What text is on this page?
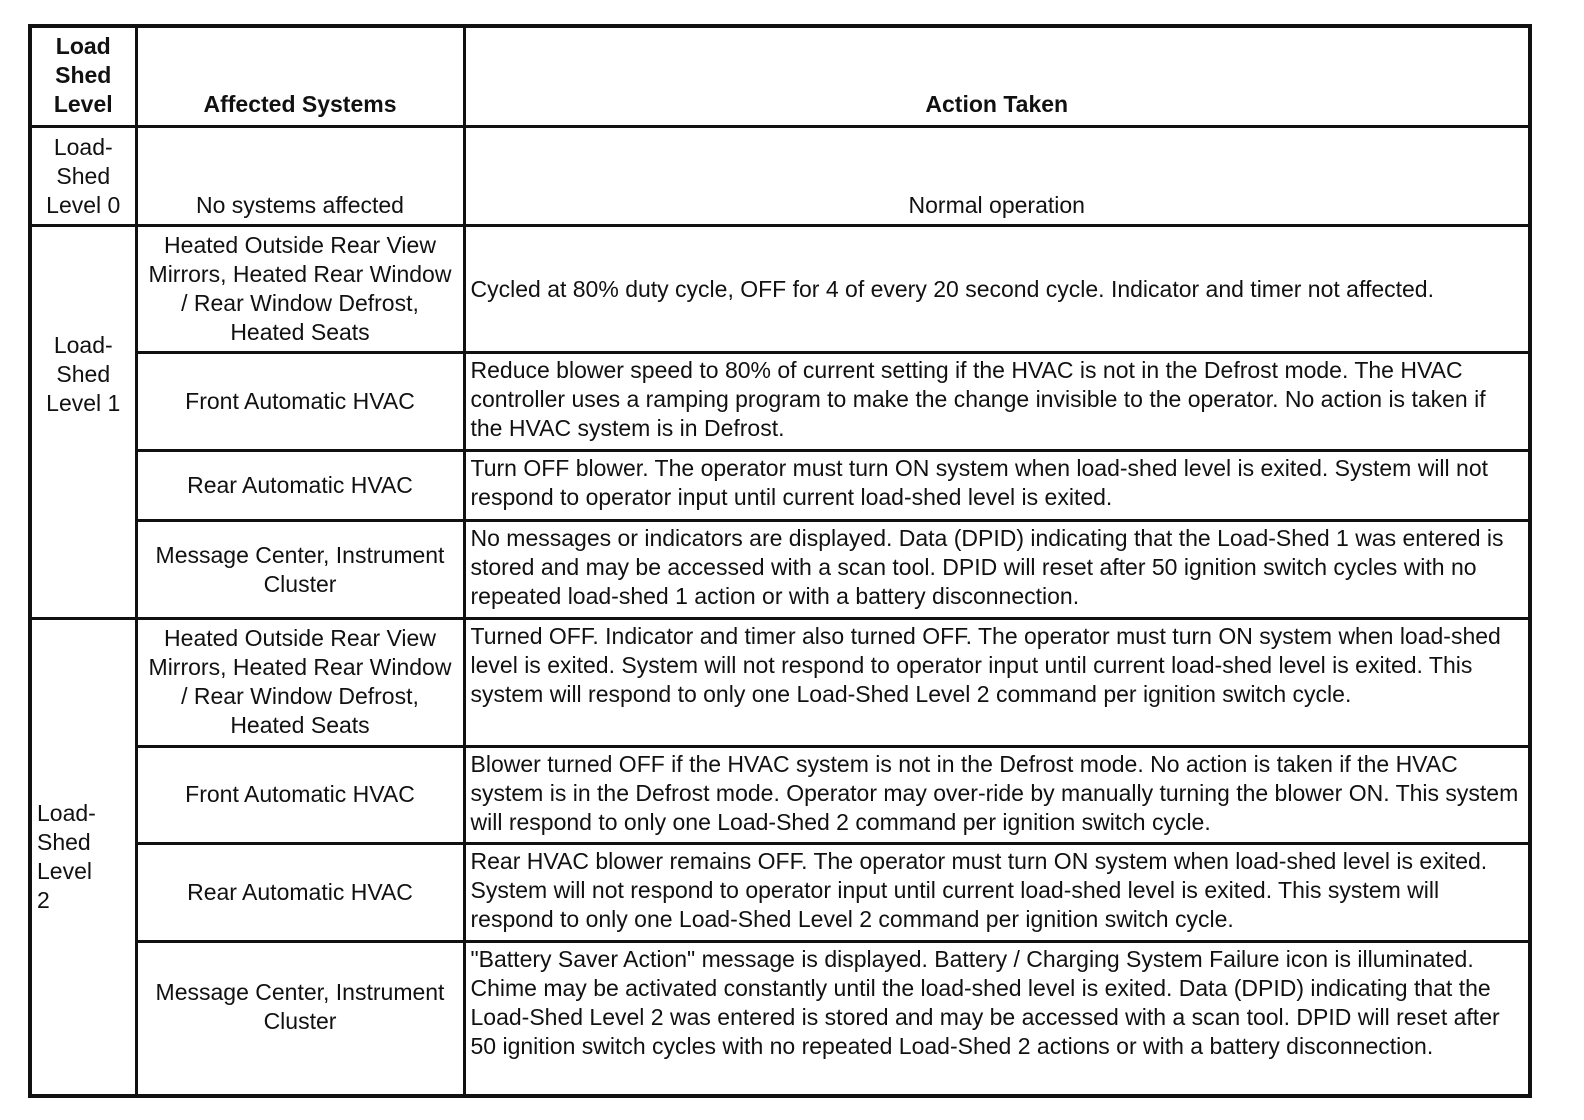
Load Shed Level	Affected Systems	Action Taken
Load-Shed Level 0	No systems affected	Normal operation
Load-Shed Level 1	Heated Outside Rear View Mirrors, Heated Rear Window / Rear Window Defrost, Heated Seats	Cycled at 80% duty cycle, OFF for 4 of every 20 second cycle. Indicator and timer not affected.
	Front Automatic HVAC	Reduce blower speed to 80% of current setting if the HVAC is not in the Defrost mode. The HVAC controller uses a ramping program to make the change invisible to the operator. No action is taken if the HVAC system is in Defrost.
	Rear Automatic HVAC	Turn OFF blower. The operator must turn ON system when load-shed level is exited. System will not respond to operator input until current load-shed level is exited.
	Message Center, Instrument Cluster	No messages or indicators are displayed. Data (DPID) indicating that the Load-Shed 1 was entered is stored and may be accessed with a scan tool. DPID will reset after 50 ignition switch cycles with no repeated load-shed 1 action or with a battery disconnection.
Load-Shed Level 2	Heated Outside Rear View Mirrors, Heated Rear Window / Rear Window Defrost, Heated Seats	Turned OFF. Indicator and timer also turned OFF. The operator must turn ON system when load-shed level is exited. System will not respond to operator input until current load-shed level is exited. This system will respond to only one Load-Shed Level 2 command per ignition switch cycle.
	Front Automatic HVAC	Blower turned OFF if the HVAC system is not in the Defrost mode. No action is taken if the HVAC system is in the Defrost mode. Operator may over-ride by manually turning the blower ON. This system will respond to only one Load-Shed 2 command per ignition switch cycle.
	Rear Automatic HVAC	Rear HVAC blower remains OFF. The operator must turn ON system when load-shed level is exited. System will not respond to operator input until current load-shed level is exited. This system will respond to only one Load-Shed Level 2 command per ignition switch cycle.
	Message Center, Instrument Cluster	"Battery Saver Action" message is displayed. Battery / Charging System Failure icon is illuminated. Chime may be activated constantly until the load-shed level is exited. Data (DPID) indicating that the Load-Shed Level 2 was entered is stored and may be accessed with a scan tool. DPID will reset after 50 ignition switch cycles with no repeated Load-Shed 2 actions or with a battery disconnection.
